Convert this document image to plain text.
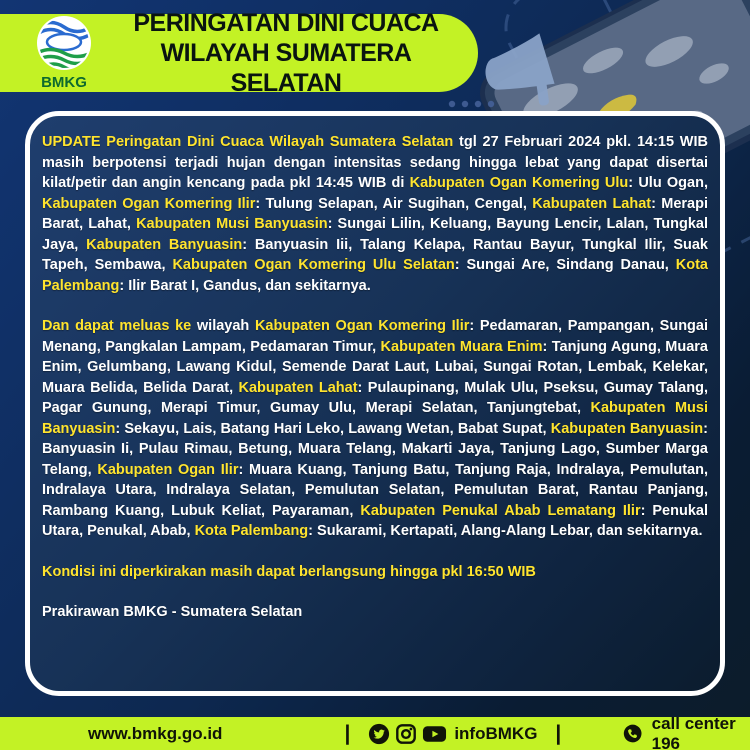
BMKG
PERINGATAN DINI CUACA
WILAYAH SUMATERA SELATAN

UPDATE Peringatan Dini Cuaca Wilayah Sumatera Selatan tgl 27 Februari 2024 pkl. 14:15 WIB masih berpotensi terjadi hujan dengan intensitas sedang hingga lebat yang dapat disertai kilat/petir dan angin kencang pada pkl 14:45 WIB di Kabupaten Ogan Komering Ulu: Ulu Ogan, Kabupaten Ogan Komering Ilir: Tulung Selapan, Air Sugihan, Cengal, Kabupaten Lahat: Merapi Barat, Lahat, Kabupaten Musi Banyuasin: Sungai Lilin, Keluang, Bayung Lencir, Lalan, Tungkal Jaya, Kabupaten Banyuasin: Banyuasin Iii, Talang Kelapa, Rantau Bayur, Tungkal Ilir, Suak Tapeh, Sembawa, Kabupaten Ogan Komering Ulu Selatan: Sungai Are, Sindang Danau, Kota Palembang: Ilir Barat I, Gandus, dan sekitarnya.

Dan dapat meluas ke wilayah Kabupaten Ogan Komering Ilir: Pedamaran, Pampangan, Sungai Menang, Pangkalan Lampam, Pedamaran Timur, Kabupaten Muara Enim: Tanjung Agung, Muara Enim, Gelumbang, Lawang Kidul, Semende Darat Laut, Lubai, Sungai Rotan, Lembak, Kelekar, Muara Belida, Belida Darat, Kabupaten Lahat: Pulaupinang, Mulak Ulu, Pseksu, Gumay Talang, Pagar Gunung, Merapi Timur, Gumay Ulu, Merapi Selatan, Tanjungtebat, Kabupaten Musi Banyuasin: Sekayu, Lais, Batang Hari Leko, Lawang Wetan, Babat Supat, Kabupaten Banyuasin: Banyuasin Ii, Pulau Rimau, Betung, Muara Telang, Makarti Jaya, Tanjung Lago, Sumber Marga Telang, Kabupaten Ogan Ilir: Muara Kuang, Tanjung Batu, Tanjung Raja, Indralaya, Pemulutan, Indralaya Utara, Indralaya Selatan, Pemulutan Selatan, Pemulutan Barat, Rantau Panjang, Rambang Kuang, Lubuk Keliat, Payaraman, Kabupaten Penukal Abab Lematang Ilir: Penukal Utara, Penukal, Abab, Kota Palembang: Sukarami, Kertapati, Alang-Alang Lebar, dan sekitarnya.

Kondisi ini diperkirakan masih dapat berlangsung hingga pkl 16:50 WIB

Prakirawan BMKG - Sumatera Selatan

www.bmkg.go.id	|	infoBMKG |	call center 196
